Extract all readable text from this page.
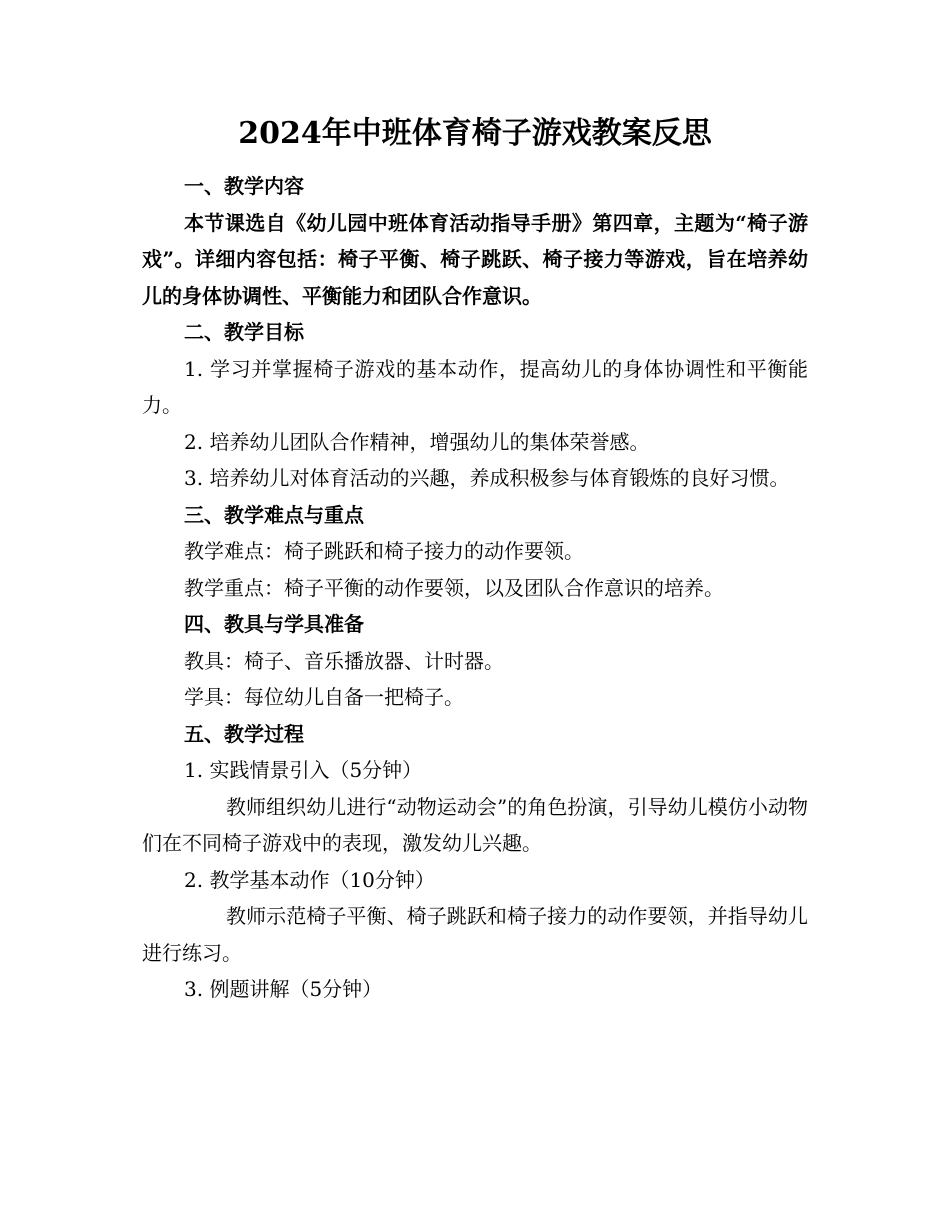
2024年中班体育椅子游戏教案反思

一、教学内容

本节课选自《幼儿园中班体育活动指导手册》第四章，主题为“椅子游戏”。详细内容包括：椅子平衡、椅子跳跃、椅子接力等游戏，旨在培养幼儿的身体协调性、平衡能力和团队合作意识。

二、教学目标

1. 学习并掌握椅子游戏的基本动作，提高幼儿的身体协调性和平衡能力。

2. 培养幼儿团队合作精神，增强幼儿的集体荣誉感。

3. 培养幼儿对体育活动的兴趣，养成积极参与体育锻炼的良好习惯。

三、教学难点与重点

教学难点：椅子跳跃和椅子接力的动作要领。

教学重点：椅子平衡的动作要领，以及团队合作意识的培养。

四、教具与学具准备

教具：椅子、音乐播放器、计时器。

学具：每位幼儿自备一把椅子。

五、教学过程

1. 实践情景引入（5分钟）

教师组织幼儿进行“动物运动会”的角色扮演，引导幼儿模仿小动物们在不同椅子游戏中的表现，激发幼儿兴趣。

2. 教学基本动作（10分钟）

教师示范椅子平衡、椅子跳跃和椅子接力的动作要领，并指导幼儿进行练习。

3. 例题讲解（5分钟）
